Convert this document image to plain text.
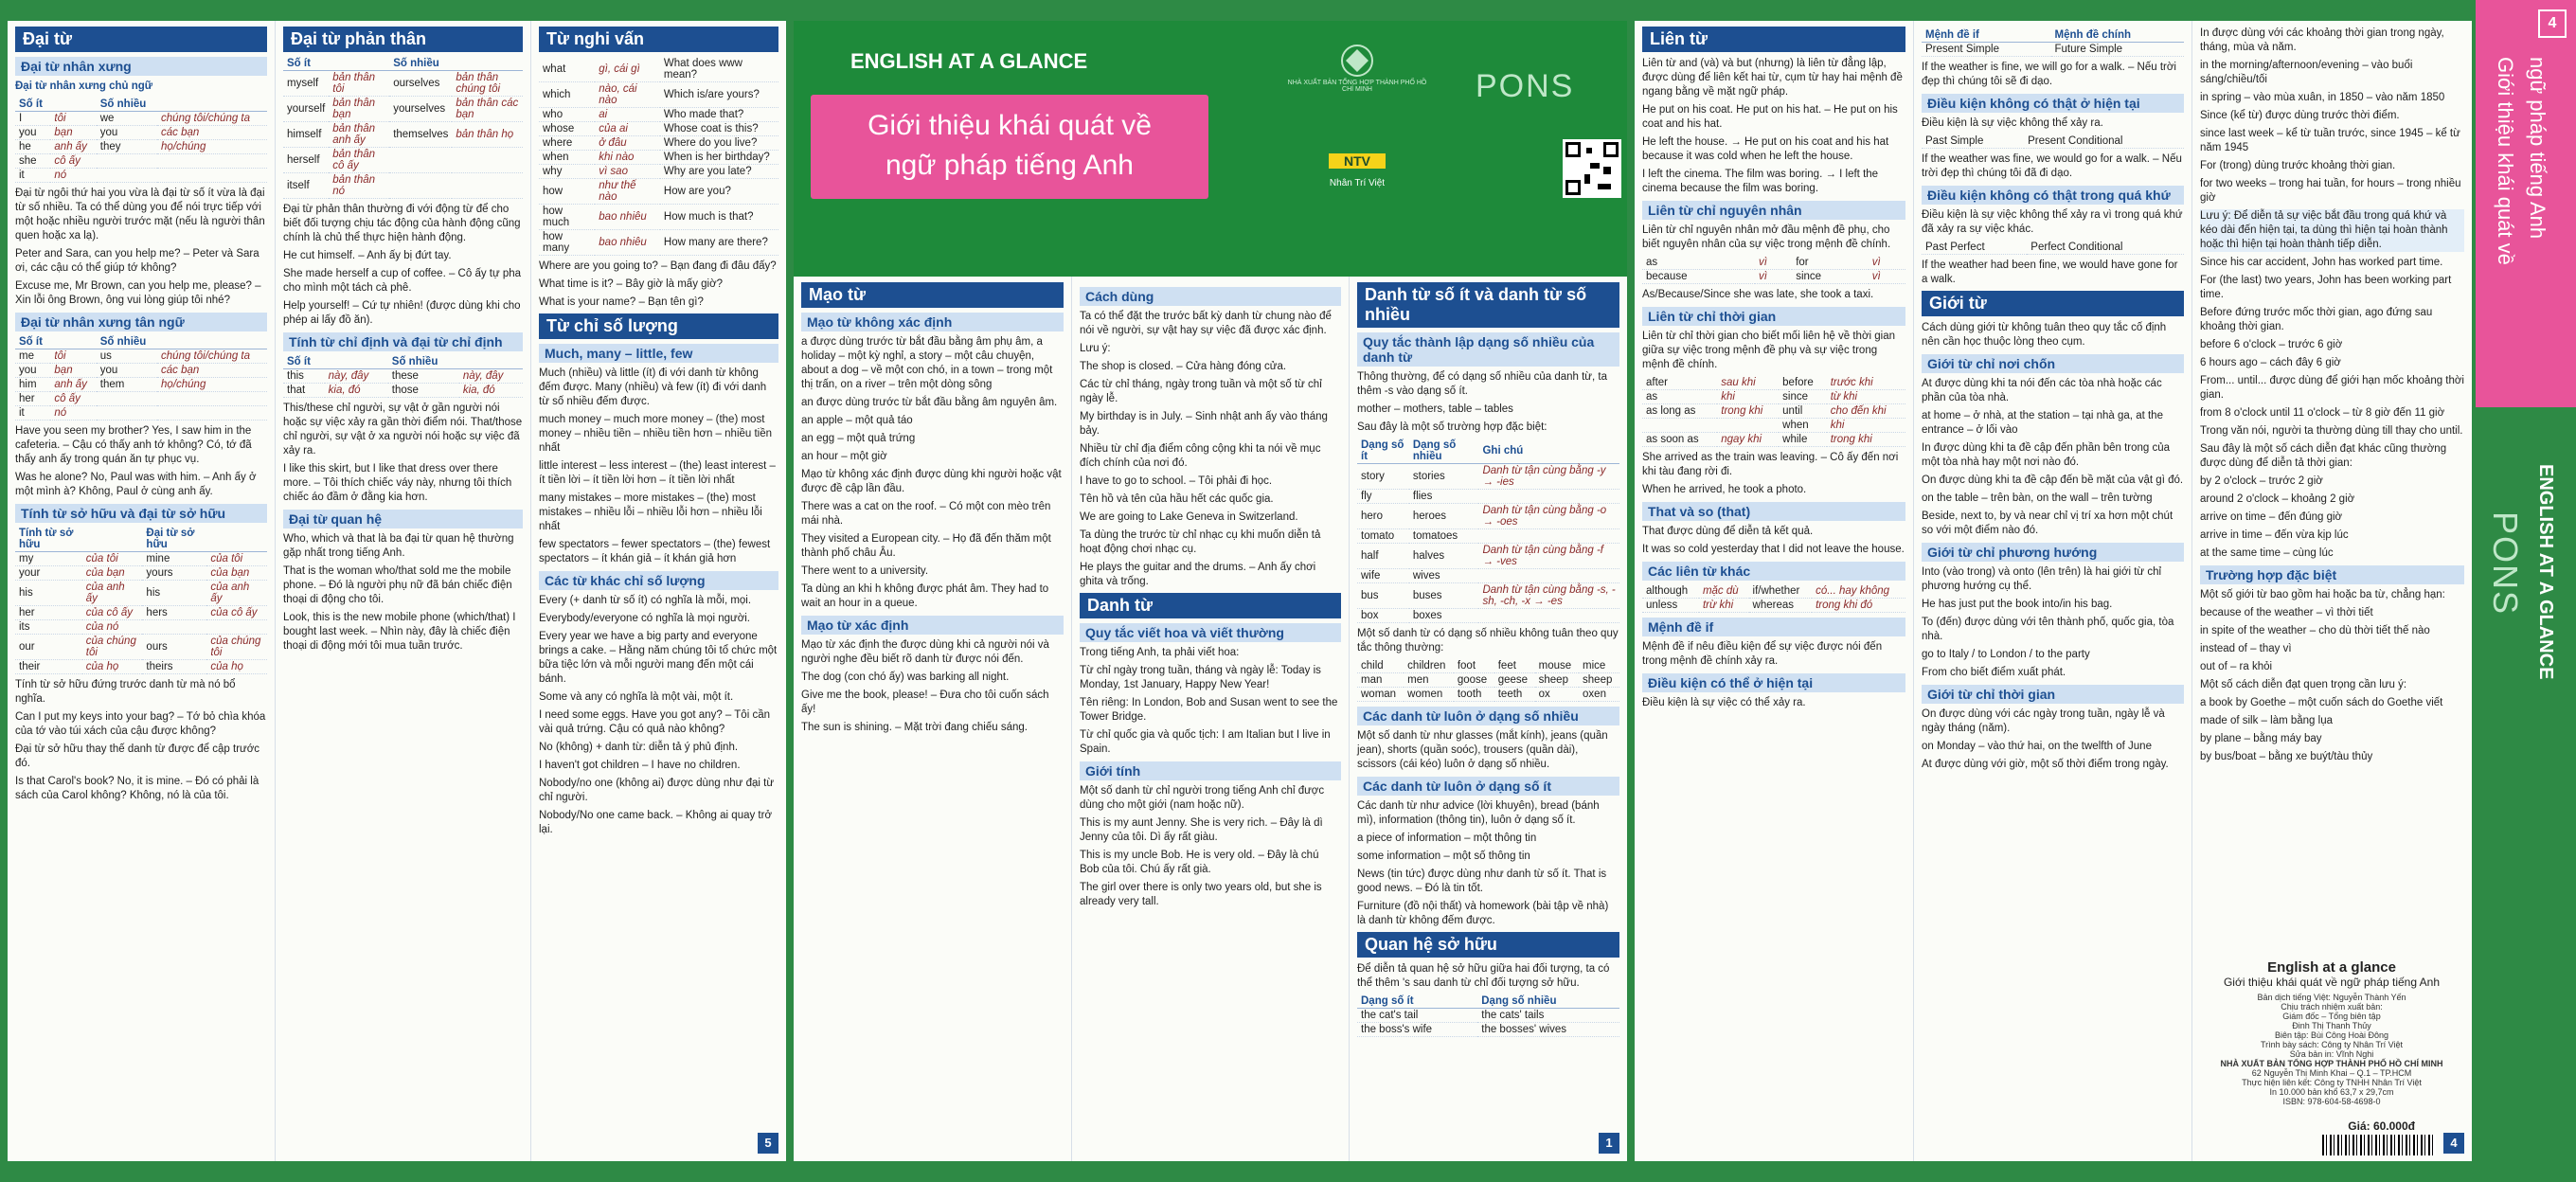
Đại từ
Đại từ nhân xưng
Đại từ nhân xưng chủ ngữ
Số ít		Số nhiều	
I	tôi	we	chúng tôi/chúng ta
you	bạn	you	các bạn
he	anh ấy	they	họ/chúng
she	cô ấy		
it	nó		

Đại từ ngôi thứ hai you vừa là đại từ số ít vừa là đại từ số nhiều. Ta có thể dùng you để nói trực tiếp với một hoặc nhiều người trước mặt (nếu là người thân quen hoặc xa lạ).

Peter and Sara, can you help me? – Peter và Sara ơi, các cậu có thể giúp tớ không?

Excuse me, Mr Brown, can you help me, please? – Xin lỗi ông Brown, ông vui lòng giúp tôi nhé?

Đại từ nhân xưng tân ngữ
Số ít		Số nhiều	
me	tôi	us	chúng tôi/chúng ta
you	bạn	you	các bạn
him	anh ấy	them	họ/chúng
her	cô ấy		
it	nó		

Have you seen my brother? Yes, I saw him in the cafeteria. – Cậu có thấy anh tớ không? Có, tớ đã thấy anh ấy trong quán ăn tự phục vụ.

Was he alone? No, Paul was with him. – Anh ấy ở một mình à? Không, Paul ở cùng anh ấy.

Tính từ sở hữu và đại từ sở hữu
Tính từ sở hữu		Đại từ sở hữu	
my	của tôi	mine	của tôi
your	của bạn	yours	của bạn
his	của anh ấy	his	của anh ấy
her	của cô ấy	hers	của cô ấy
its	của nó		
our	của chúng tôi	ours	của chúng tôi
their	của họ	theirs	của họ

Tính từ sở hữu đứng trước danh từ mà nó bổ nghĩa.

Can I put my keys into your bag? – Tớ bỏ chìa khóa của tớ vào túi xách của cậu được không?

Đại từ sở hữu thay thế danh từ được để cập trước đó.

Is that Carol's book? No, it is mine. – Đó có phải là sách của Carol không? Không, nó là của tôi.

Đại từ phản thân
Số ít		Số nhiều	
myself	bản thân tôi	ourselves	bản thân chúng tôi
yourself	bản thân bạn	yourselves	bản thân các bạn
himself	bản thân anh ấy	themselves	bản thân họ
herself	bản thân cô ấy		
itself	bản thân nó		

Đại từ phản thân thường đi với động từ để cho biết đối tượng chịu tác động của hành động cũng chính là chủ thể thực hiện hành động.

He cut himself. – Anh ấy bị đứt tay.

She made herself a cup of coffee. – Cô ấy tự pha cho mình một tách cà phê.

Help yourself! – Cứ tự nhiên! (được dùng khi cho phép ai lấy đồ ăn).

Tính từ chỉ định và đại từ chỉ định
Số ít		Số nhiều	
this	này, đây	these	này, đây
that	kia, đó	those	kia, đó

This/these chỉ người, sự vật ở gần người nói hoặc sự việc xảy ra gần thời điểm nói. That/those chỉ người, sự vật ở xa người nói hoặc sự việc đã xảy ra.

I like this skirt, but I like that dress over there more. – Tôi thích chiếc váy này, nhưng tôi thích chiếc áo đầm ở đằng kia hơn.

Đại từ quan hệ

Who, which và that là ba đại từ quan hệ thường gặp nhất trong tiếng Anh.

That is the woman who/that sold me the mobile phone. – Đó là người phụ nữ đã bán chiếc điện thoại di động cho tôi.

Look, this is the new mobile phone (which/that) I bought last week. – Nhìn này, đây là chiếc điện thoại di động mới tôi mua tuần trước.

Từ nghi vấn
what	gì, cái gì	What does www mean?
which	nào, cái nào	Which is/are yours?
who	ai	Who made that?
whose	của ai	Whose coat is this?
where	ở đâu	Where do you live?
when	khi nào	When is her birthday?
why	vì sao	Why are you late?
how	như thế nào	How are you?
how much	bao nhiêu	How much is that?
how many	bao nhiêu	How many are there?

Where are you going to? – Bạn đang đi đâu đấy?

What time is it? – Bây giờ là mấy giờ?

What is your name? – Bạn tên gì?

Từ chỉ số lượng
Much, many – little, few

Much (nhiều) và little (ít) đi với danh từ không đếm được. Many (nhiều) và few (ít) đi với danh từ số nhiều đếm được.

much money – much more money – (the) most money – nhiều tiền – nhiều tiền hơn – nhiều tiền nhất

little interest – less interest – (the) least interest – ít tiền lời – ít tiền lời hơn – ít tiền lời nhất

many mistakes – more mistakes – (the) most mistakes – nhiều lỗi – nhiều lỗi hơn – nhiều lỗi nhất

few spectators – fewer spectators – (the) fewest spectators – ít khán giả – ít khán giả hơn

Các từ khác chỉ số lượng

Every (+ danh từ số ít) có nghĩa là mỗi, mọi.

Everybody/everyone có nghĩa là mọi người.

Every year we have a big party and everyone brings a cake. – Hằng năm chúng tôi tổ chức một bữa tiệc lớn và mỗi người mang đến một cái bánh.

Some và any có nghĩa là một vài, một ít.

I need some eggs. Have you got any? – Tôi cần vài quả trứng. Cậu có quả nào không?

No (không) + danh từ: diễn tả ý phủ định.

I haven't got children – I have no children.

Nobody/no one (không ai) được dùng như đại từ chỉ người.

Nobody/No one came back. – Không ai quay trở lại.

5
ENGLISH AT A GLANCE
Giới thiệu khái quát về
ngữ pháp tiếng Anh
NHÀ XUẤT BẢN TỔNG HỢP THÀNH PHỐ HỒ CHÍ MINH	PONS
NTV
Nhân Trí Việt
Mạo từ
Mạo từ không xác định

a được dùng trước từ bắt đầu bằng âm phụ âm, a holiday – một kỳ nghỉ, a story – một câu chuyện, about a dog – về một con chó, in a town – trong một thị trấn, on a river – trên một dòng sông

an được dùng trước từ bắt đầu bằng âm nguyên âm.

an apple – một quả táo

an egg – một quả trứng

an hour – một giờ

Mạo từ không xác định được dùng khi người hoặc vật được đề cập lần đầu.

There was a cat on the roof. – Có một con mèo trên mái nhà.

They visited a European city. – Họ đã đến thăm một thành phố châu Âu.

There went to a university.

Ta dùng an khi h không được phát âm. They had to wait an hour in a queue.

Mạo từ xác định

Mạo từ xác định the được dùng khi cả người nói và người nghe đều biết rõ danh từ được nói đến.

The dog (con chó ấy) was barking all night.

Give me the book, please! – Đưa cho tôi cuốn sách ấy!

The sun is shining. – Mặt trời đang chiếu sáng.

Cách dùng

Ta có thể đặt the trước bất kỳ danh từ chung nào để nói về người, sự vật hay sự việc đã được xác định.

Lưu ý:

The shop is closed. – Cửa hàng đóng cửa.

Các từ chỉ tháng, ngày trong tuần và một số từ chỉ ngày lễ.

My birthday is in July. – Sinh nhật anh ấy vào tháng bảy.

Nhiều từ chỉ địa điểm công cộng khi ta nói về mục đích chính của nơi đó.

I have to go to school. – Tôi phải đi học.

Tên hồ và tên của hầu hết các quốc gia.

We are going to Lake Geneva in Switzerland.

Ta dùng the trước từ chỉ nhạc cụ khi muốn diễn tả hoạt động chơi nhạc cụ.

He plays the guitar and the drums. – Anh ấy chơi ghita và trống.

Danh từ
Quy tắc viết hoa và viết thường

Trong tiếng Anh, ta phải viết hoa:

Từ chỉ ngày trong tuần, tháng và ngày lễ: Today is Monday, 1st January, Happy New Year!

Tên riêng: In London, Bob and Susan went to see the Tower Bridge.

Từ chỉ quốc gia và quốc tịch: I am Italian but I live in Spain.

Giới tính

Một số danh từ chỉ người trong tiếng Anh chỉ được dùng cho một giới (nam hoặc nữ).

This is my aunt Jenny. She is very rich. – Đây là dì Jenny của tôi. Dì ấy rất giàu.

This is my uncle Bob. He is very old. – Đây là chú Bob của tôi. Chú ấy rất già.

The girl over there is only two years old, but she is already very tall.

Danh từ số ít và danh từ số nhiều
Quy tắc thành lập dạng số nhiều của danh từ

Thông thường, để có dạng số nhiều của danh từ, ta thêm -s vào dạng số ít.

mother – mothers, table – tables

Sau đây là một số trường hợp đặc biệt:

Dạng số ít	Dạng số nhiều	Ghi chú
story	stories	Danh từ tận cùng bằng -y → -ies
fly	flies	
hero	heroes	Danh từ tận cùng bằng -o → -oes
tomato	tomatoes	
half	halves	Danh từ tận cùng bằng -f → -ves
wife	wives	
bus	buses	Danh từ tận cùng bằng -s, -sh, -ch, -x → -es
box	boxes	

Một số danh từ có dạng số nhiều không tuân theo quy tắc thông thường:

child	children	foot	feet	mouse	mice
man	men	goose	geese	sheep	sheep
woman	women	tooth	teeth	ox	oxen
Các danh từ luôn ở dạng số nhiều

Một số danh từ như glasses (mắt kính), jeans (quần jean), shorts (quần soóc), trousers (quần dài), scissors (cái kéo) luôn ở dạng số nhiều.

Các danh từ luôn ở dạng số ít

Các danh từ như advice (lời khuyên), bread (bánh mì), information (thông tin), luôn ở dạng số ít.

a piece of information – một thông tin

some information – một số thông tin

News (tin tức) được dùng như danh từ số ít. That is good news. – Đó là tin tốt.

Furniture (đồ nội thất) và homework (bài tập về nhà) là danh từ không đếm được.

Quan hệ sở hữu

Để diễn tả quan hệ sở hữu giữa hai đối tượng, ta có thể thêm 's sau danh từ chỉ đối tượng sở hữu.

Dạng số ít	Dạng số nhiều
the cat's tail	the cats' tails
the boss's wife	the bosses' wives
1
Liên từ

Liên từ and (và) và but (nhưng) là liên từ đẳng lập, được dùng để liên kết hai từ, cụm từ hay hai mệnh đề ngang bằng về mặt ngữ pháp.

He put on his coat. He put on his hat. – He put on his coat and his hat.

He left the house. → He put on his coat and his hat because it was cold when he left the house.

I left the cinema. The film was boring. → I left the cinema because the film was boring.

Liên từ chỉ nguyên nhân

Liên từ chỉ nguyên nhân mở đầu mệnh đề phụ, cho biết nguyên nhân của sự việc trong mệnh đề chính.

as	vì	for	vì
because	vì	since	vì

As/Because/Since she was late, she took a taxi.

Liên từ chỉ thời gian

Liên từ chỉ thời gian cho biết mối liên hệ về thời gian giữa sự việc trong mệnh đề phụ và sự việc trong mệnh đề chính.

after	sau khi	before	trước khi
as	khi	since	từ khi
as long as	trong khi	until	cho đến khi
		when	khi
as soon as	ngay khi	while	trong khi

She arrived as the train was leaving. – Cô ấy đến nơi khi tàu đang rời đi.

When he arrived, he took a photo.

That và so (that)

That được dùng để diễn tả kết quả.

It was so cold yesterday that I did not leave the house.

Các liên từ khác
although	mặc dù	if/whether	có... hay không
unless	trừ khi	whereas	trong khi đó
Mệnh đề if

Mệnh đề if nêu điều kiện để sự việc được nói đến trong mệnh đề chính xảy ra.

Điều kiện có thể ở hiện tại

Điều kiện là sự việc có thể xảy ra.

Mệnh đề if	Mệnh đề chính
Present Simple	Future Simple

If the weather is fine, we will go for a walk. – Nếu trời đẹp thì chúng tôi sẽ đi dạo.

Điều kiện không có thật ở hiện tại

Điều kiện là sự việc không thể xảy ra.

Past Simple	Present Conditional

If the weather was fine, we would go for a walk. – Nếu trời đẹp thì chúng tôi đã đi dạo.

Điều kiện không có thật trong quá khứ

Điều kiện là sự việc không thể xảy ra vì trong quá khứ đã xảy ra sự việc khác.

Past Perfect	Perfect Conditional

If the weather had been fine, we would have gone for a walk.

Giới từ

Cách dùng giới từ không tuân theo quy tắc cố định nên cần học thuộc lòng theo cụm.

Giới từ chỉ nơi chốn

At được dùng khi ta nói đến các tòa nhà hoặc các phần của tòa nhà.

at home – ở nhà, at the station – tại nhà ga, at the entrance – ở lối vào

In được dùng khi ta đề cập đến phần bên trong của một tòa nhà hay một nơi nào đó.

On được dùng khi ta đề cập đến bề mặt của vật gì đó.

on the table – trên bàn, on the wall – trên tường

Beside, next to, by và near chỉ vị trí xa hơn một chút so với một điểm nào đó.

Giới từ chỉ phương hướng

Into (vào trong) và onto (lên trên) là hai giới từ chỉ phương hướng cụ thể.

He has just put the book into/in his bag.

To (đến) được dùng với tên thành phố, quốc gia, tòa nhà.

go to Italy / to London / to the party

From cho biết điểm xuất phát.

Giới từ chỉ thời gian

On được dùng với các ngày trong tuần, ngày lễ và ngày tháng (năm).

on Monday – vào thứ hai, on the twelfth of June

At được dùng với giờ, một số thời điểm trong ngày.

In được dùng với các khoảng thời gian trong ngày, tháng, mùa và năm.

in the morning/afternoon/evening – vào buổi sáng/chiều/tối

in spring – vào mùa xuân, in 1850 – vào năm 1850

Since (kể từ) được dùng trước thời điểm.

since last week – kể từ tuần trước, since 1945 – kể từ năm 1945

For (trong) dùng trước khoảng thời gian.

for two weeks – trong hai tuần, for hours – trong nhiều giờ

Lưu ý: Để diễn tả sự việc bắt đầu trong quá khứ và kéo dài đến hiện tại, ta dùng thì hiện tại hoàn thành hoặc thì hiện tại hoàn thành tiếp diễn.

Since his car accident, John has worked part time.

For (the last) two years, John has been working part time.

Before đứng trước mốc thời gian, ago đứng sau khoảng thời gian.

before 6 o'clock – trước 6 giờ

6 hours ago – cách đây 6 giờ

From... until... được dùng để giới hạn mốc khoảng thời gian.

from 8 o'clock until 11 o'clock – từ 8 giờ đến 11 giờ

Trong văn nói, người ta thường dùng till thay cho until.

Sau đây là một số cách diễn đạt khác cũng thường được dùng để diễn tả thời gian:

by 2 o'clock – trước 2 giờ

around 2 o'clock – khoảng 2 giờ

arrive on time – đến đúng giờ

arrive in time – đến vừa kịp lúc

at the same time – cùng lúc

Trường hợp đặc biệt

Một số giới từ bao gồm hai hoặc ba từ, chẳng hạn:

because of the weather – vì thời tiết

in spite of the weather – cho dù thời tiết thế nào

instead of – thay vì

out of – ra khỏi

Một số cách diễn đạt quen trọng cần lưu ý:

a book by Goethe – một cuốn sách do Goethe viết

made of silk – làm bằng lụa

by plane – bằng máy bay

by bus/boat – bằng xe buýt/tàu thủy

English at a glance
Giới thiệu khái quát về ngữ pháp tiếng Anh
Bản dịch tiếng Việt: Nguyễn Thành Yến
Chịu trách nhiệm xuất bản:
Giám đốc – Tổng biên tập
Đinh Thị Thanh Thủy
Biên tập: Bùi Công Hoài Đông
Trình bày sách: Công ty Nhân Trí Việt
Sửa bản in: Vĩnh Nghi
NHÀ XUẤT BẢN TỔNG HỢP THÀNH PHỐ HỒ CHÍ MINH
62 Nguyễn Thị Minh Khai – Q.1 – TP.HCM
Thực hiện liên kết: Công ty TNHH Nhân Trí Việt
In 10.000 bản khổ 63,7 x 29,7cm
ISBN: 978-604-58-4698-0
Giá: 60.000đ
4
4
Giới thiệu khái quát về ngữ pháp tiếng Anh
PONS ENGLISH AT A GLANCE
